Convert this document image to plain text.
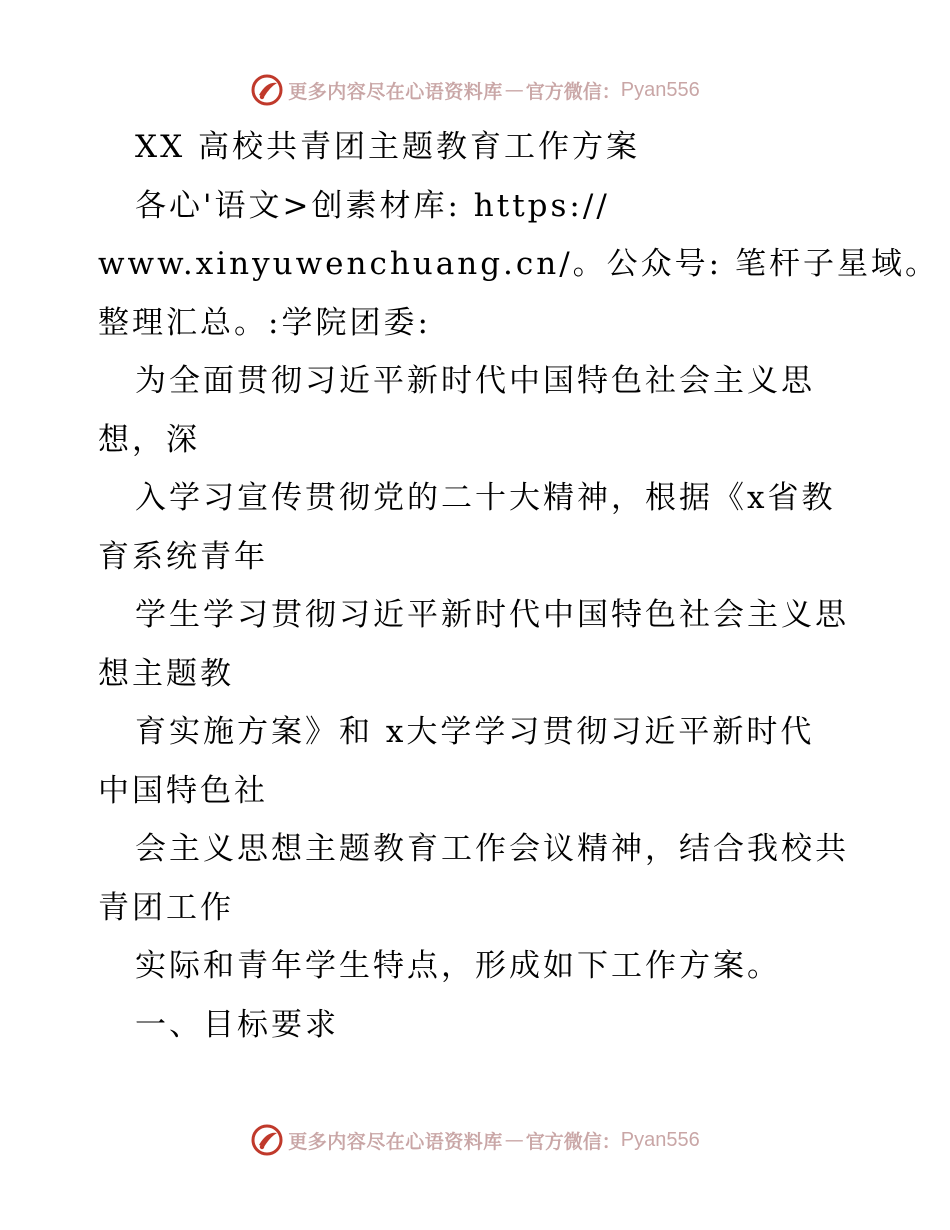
更多内容尽在心语资料库 — 官方微信： Pyan556
XX 高校共青团主题教育工作方案
各心'语文>创素材库: https://
www.xinyuwenchuang.cn/。公众号: 笔杆子星域。
整理汇总。:学院团委:
为全面贯彻习近平新时代中国特色社会主义思
想，深
入学习宣传贯彻党的二十大精神，根据《x省教
育系统青年
学生学习贯彻习近平新时代中国特色社会主义思
想主题教
育实施方案》和 x大学学习贯彻习近平新时代
中国特色社
会主义思想主题教育工作会议精神，结合我校共
青团工作
实际和青年学生特点，形成如下工作方案。
一、目标要求
更多内容尽在心语资料库 — 官方微信： Pyan556
